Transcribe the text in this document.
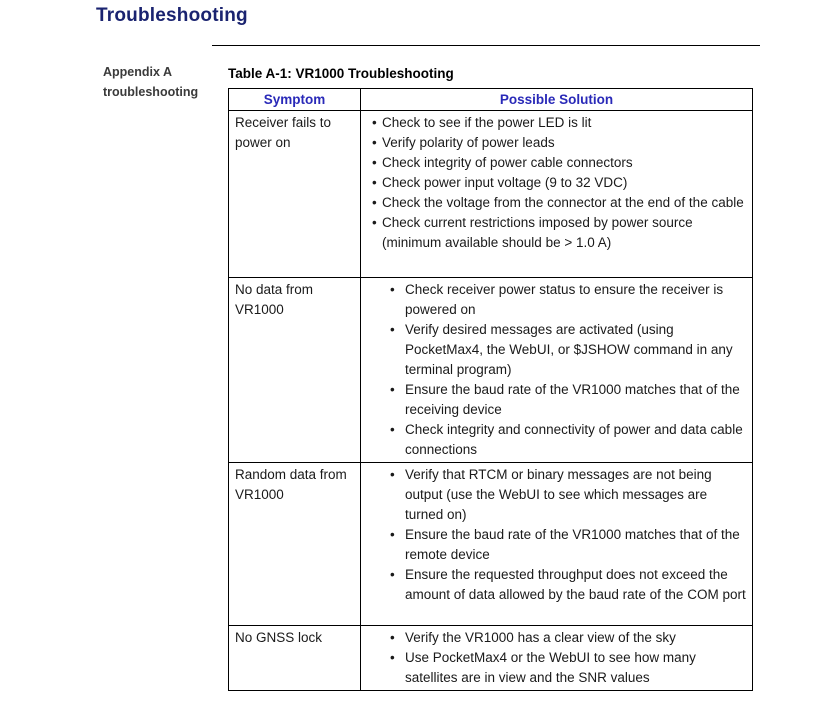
Troubleshooting
Appendix A
troubleshooting
Table A-1: VR1000 Troubleshooting
Symptom	Possible Solution
Receiver fails to power on	
• Check to see if the power LED is lit
• Verify polarity of power leads
• Check integrity of power cable connectors
• Check power input voltage (9 to 32 VDC)
• Check the voltage from the connector at the end of the cable
• Check current restrictions imposed by power source (minimum available should be > 1.0 A)

No data from VR1000	
• Check receiver power status to ensure the receiver is powered on
• Verify desired messages are activated (using PocketMax4, the WebUI, or $JSHOW command in any terminal program)
• Ensure the baud rate of the VR1000 matches that of the receiving device
• Check integrity and connectivity of power and data cable connections

Random data from VR1000	
• Verify that RTCM or binary messages are not being output (use the WebUI to see which messages are turned on)
• Ensure the baud rate of the VR1000 matches that of the remote device
• Ensure the requested throughput does not exceed the amount of data allowed by the baud rate of the COM port

No GNSS lock	
•Verify the VR1000 has a clear view of the sky
• Use PocketMax4 or the WebUI to see how many satellites are in view and the SNR values
